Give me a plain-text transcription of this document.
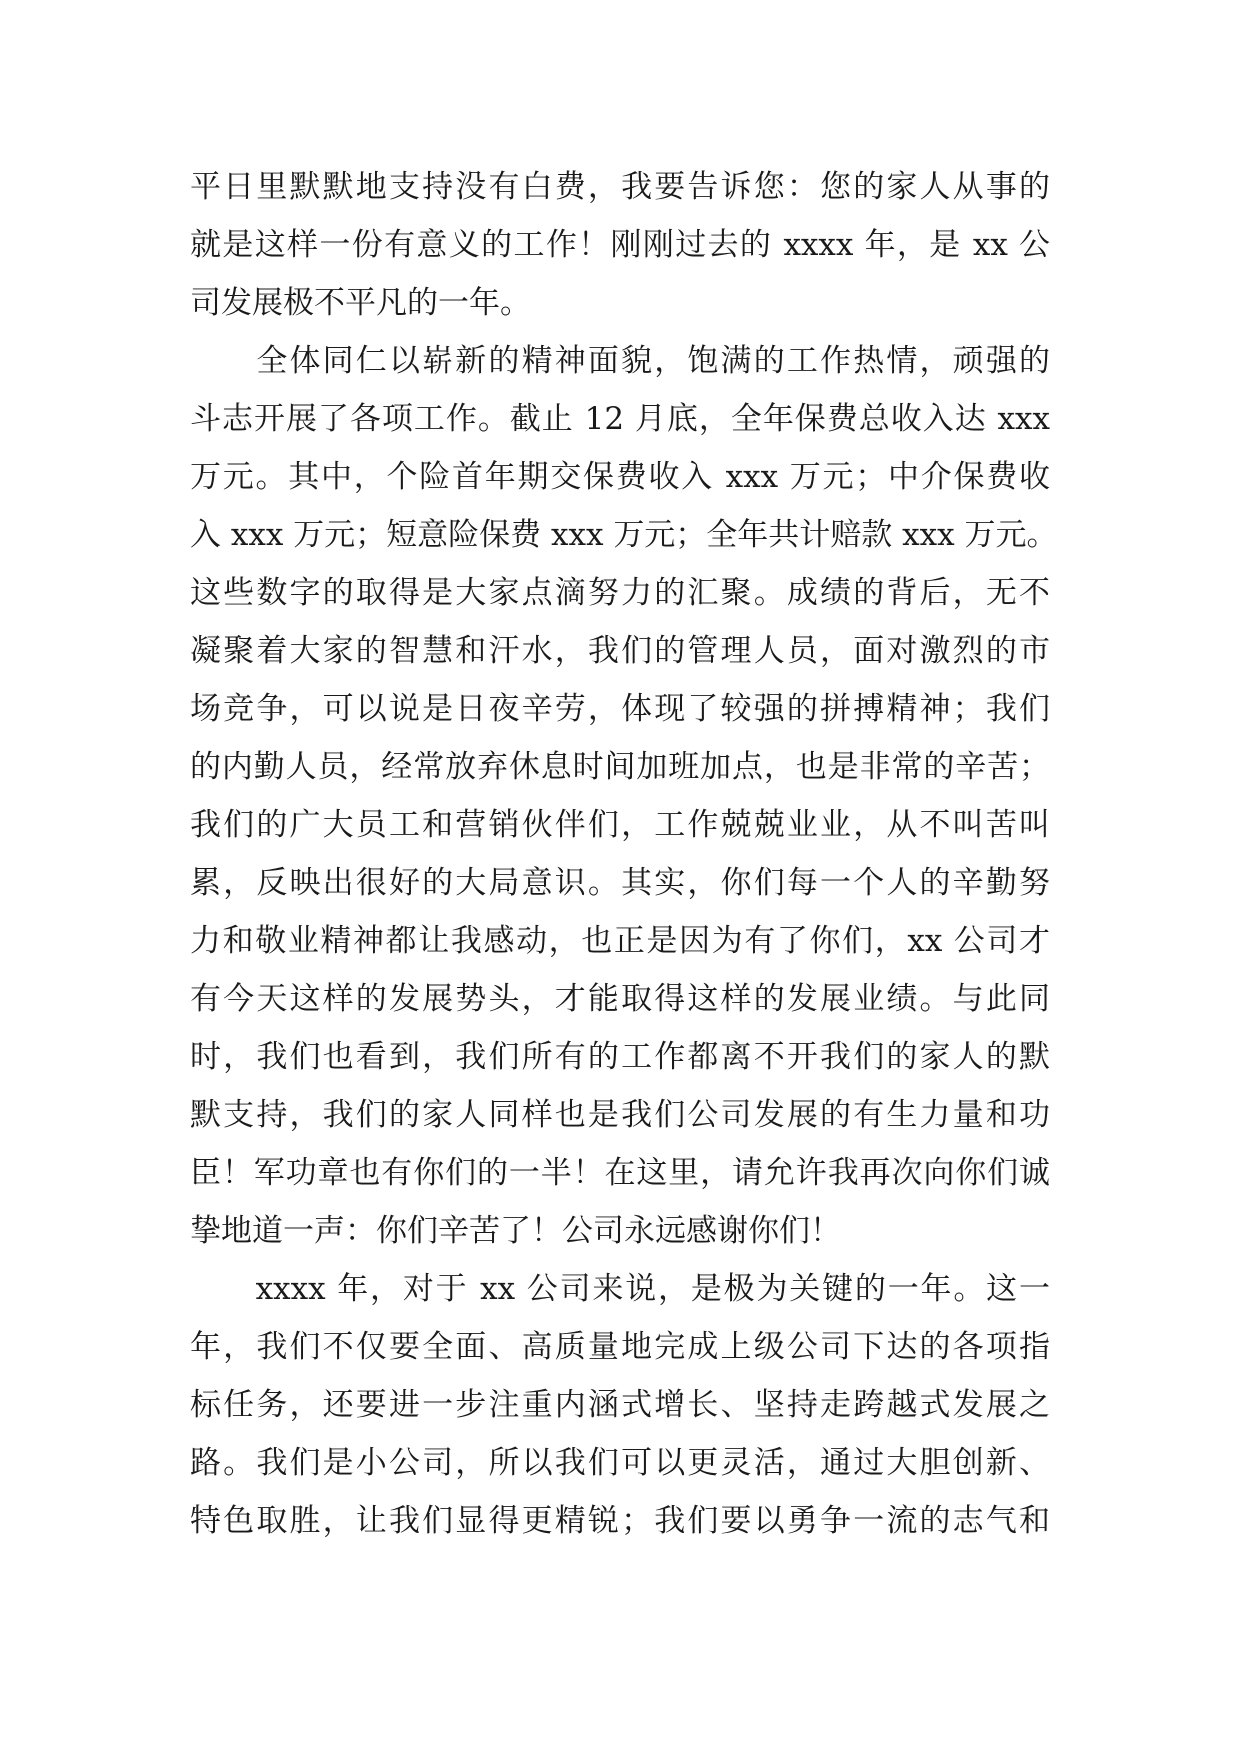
平日里默默地支持没有白费，我要告诉您：您的家人从事的
就是这样一份有意义的工作！刚刚过去的 xxxx 年，是 xx 公
司发展极不平凡的一年。
　　全体同仁以崭新的精神面貌，饱满的工作热情，顽强的
斗志开展了各项工作。截止 12 月底，全年保费总收入达 xxx
万元。其中，个险首年期交保费收入 xxx 万元；中介保费收
入 xxx 万元；短意险保费 xxx 万元；全年共计赔款 xxx 万元。
这些数字的取得是大家点滴努力的汇聚。成绩的背后，无不
凝聚着大家的智慧和汗水，我们的管理人员，面对激烈的市
场竞争，可以说是日夜辛劳，体现了较强的拼搏精神；我们
的内勤人员，经常放弃休息时间加班加点，也是非常的辛苦；
我们的广大员工和营销伙伴们，工作兢兢业业，从不叫苦叫
累，反映出很好的大局意识。其实，你们每一个人的辛勤努
力和敬业精神都让我感动，也正是因为有了你们，xx 公司才
有今天这样的发展势头，才能取得这样的发展业绩。与此同
时，我们也看到，我们所有的工作都离不开我们的家人的默
默支持，我们的家人同样也是我们公司发展的有生力量和功
臣！军功章也有你们的一半！在这里，请允许我再次向你们诚
挚地道一声：你们辛苦了！公司永远感谢你们！
　　xxxx 年，对于 xx 公司来说，是极为关键的一年。这一
年，我们不仅要全面、高质量地完成上级公司下达的各项指
标任务，还要进一步注重内涵式增长、坚持走跨越式发展之
路。我们是小公司，所以我们可以更灵活，通过大胆创新、
特色取胜，让我们显得更精锐；我们要以勇争一流的志气和
